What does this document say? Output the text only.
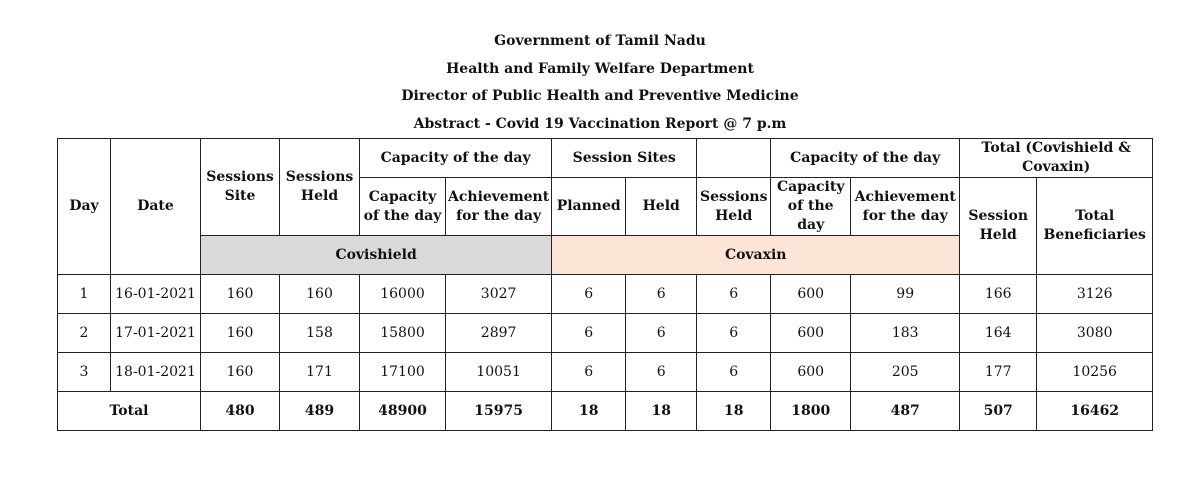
Government of Tamil Nadu
Health and Family Welfare Department
Director of Public Health and Preventive Medicine
Abstract - Covid 19 Vaccination Report @ 7 p.m
Day	Date	Sessions Site	Sessions Held	Capacity of the day		Session Sites			Capacity of the day		Total (Covishield & Covaxin)	
				Capacity of the day	Achievement for the day	Planned	Held	Sessions Held	Capacity of the day	Achievement for the day	Session Held	Total Beneficiaries
		Covishield				Covaxin						
1	16-01-2021	160	160	16000	3027	6	6	6	600	99	166	3126
2	17-01-2021	160	158	15800	2897	6	6	6	600	183	164	3080
3	18-01-2021	160	171	17100	10051	6	6	6	600	205	177	10256
Total		480	489	48900	15975	18	18	18	1800	487	507	16462
